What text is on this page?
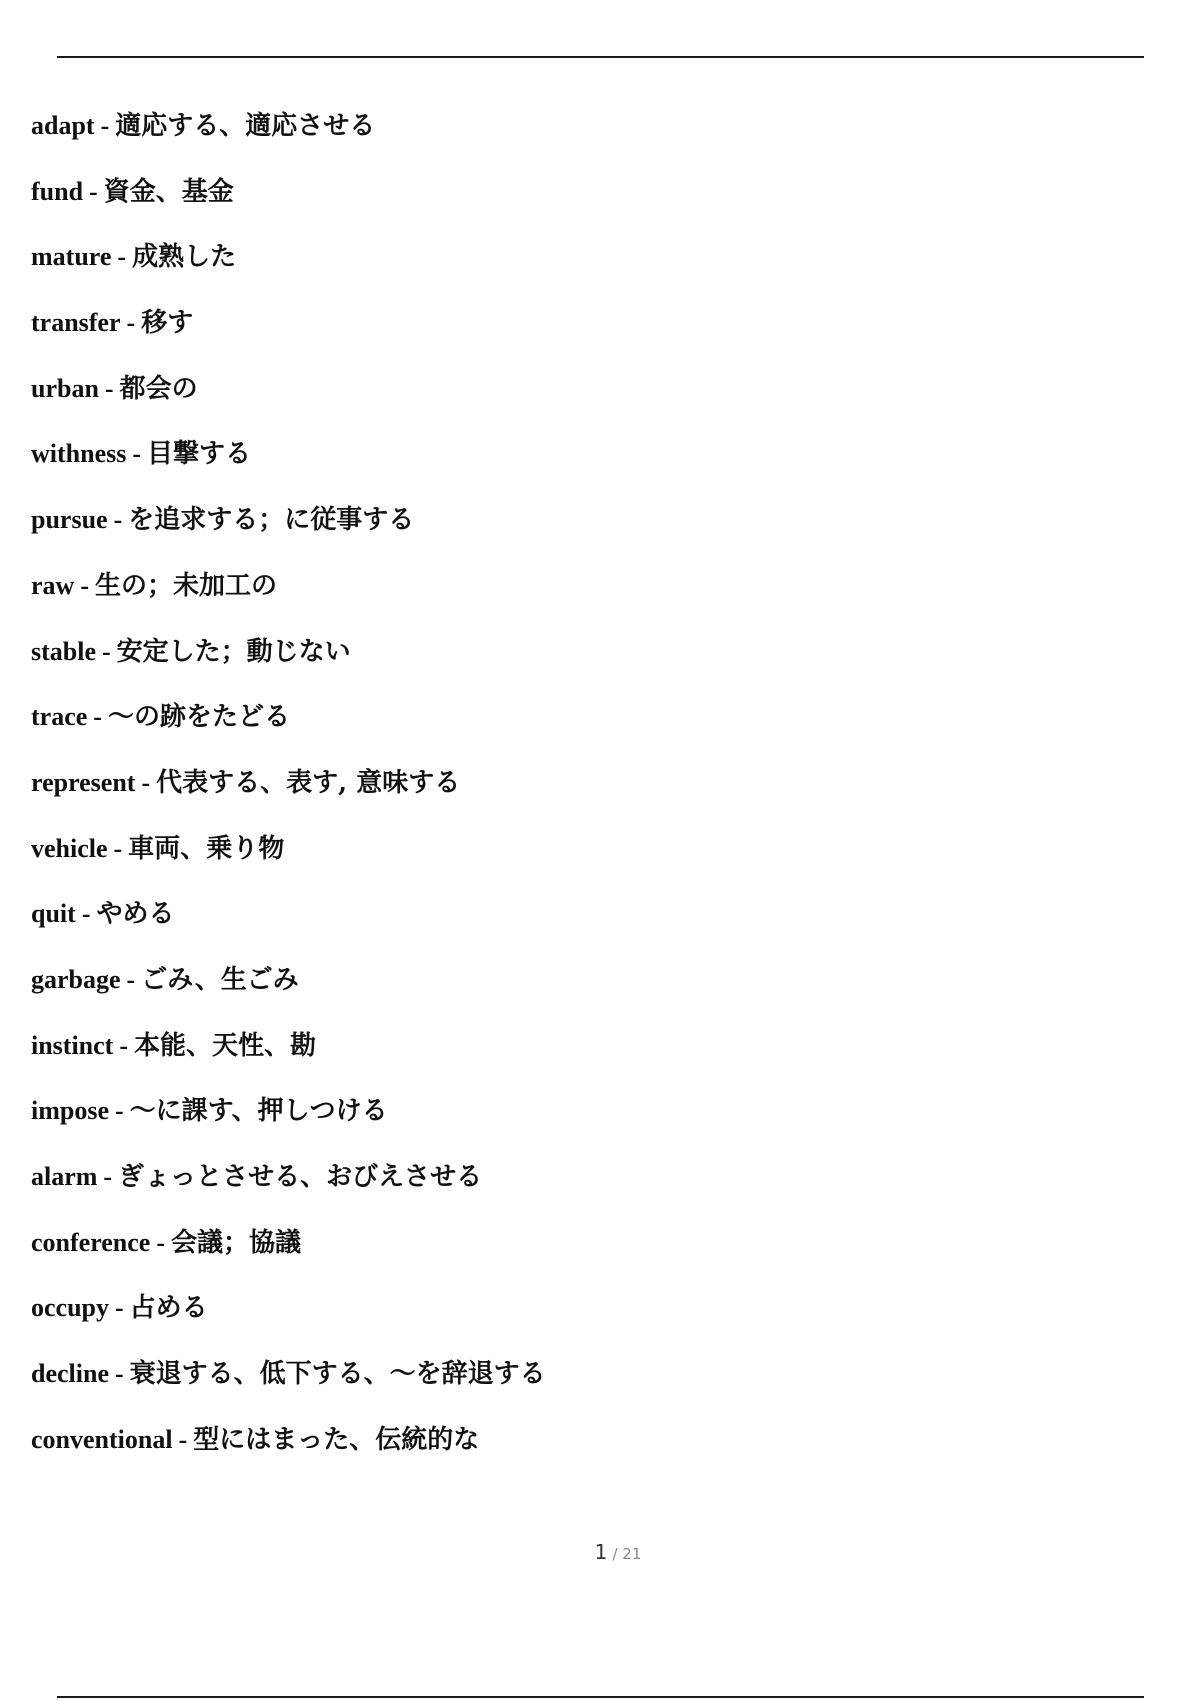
adapt - 適応する、適応させる
fund - 資金、基金
mature - 成熟した
transfer - 移す
urban - 都会の
withness - 目撃する
pursue - を追求する；に従事する
raw - 生の；未加工の
stable - 安定した；動じない
trace - 〜の跡をたどる
represent - 代表する、表す, 意味する
vehicle - 車両、乗り物
quit - やめる
garbage - ごみ、生ごみ
instinct - 本能、天性、勘
impose - 〜に課す、押しつける
alarm - ぎょっとさせる、おびえさせる
conference - 会議；協議
occupy - 占める
decline - 衰退する、低下する、〜を辞退する
conventional - 型にはまった、伝統的な
1 / 21
